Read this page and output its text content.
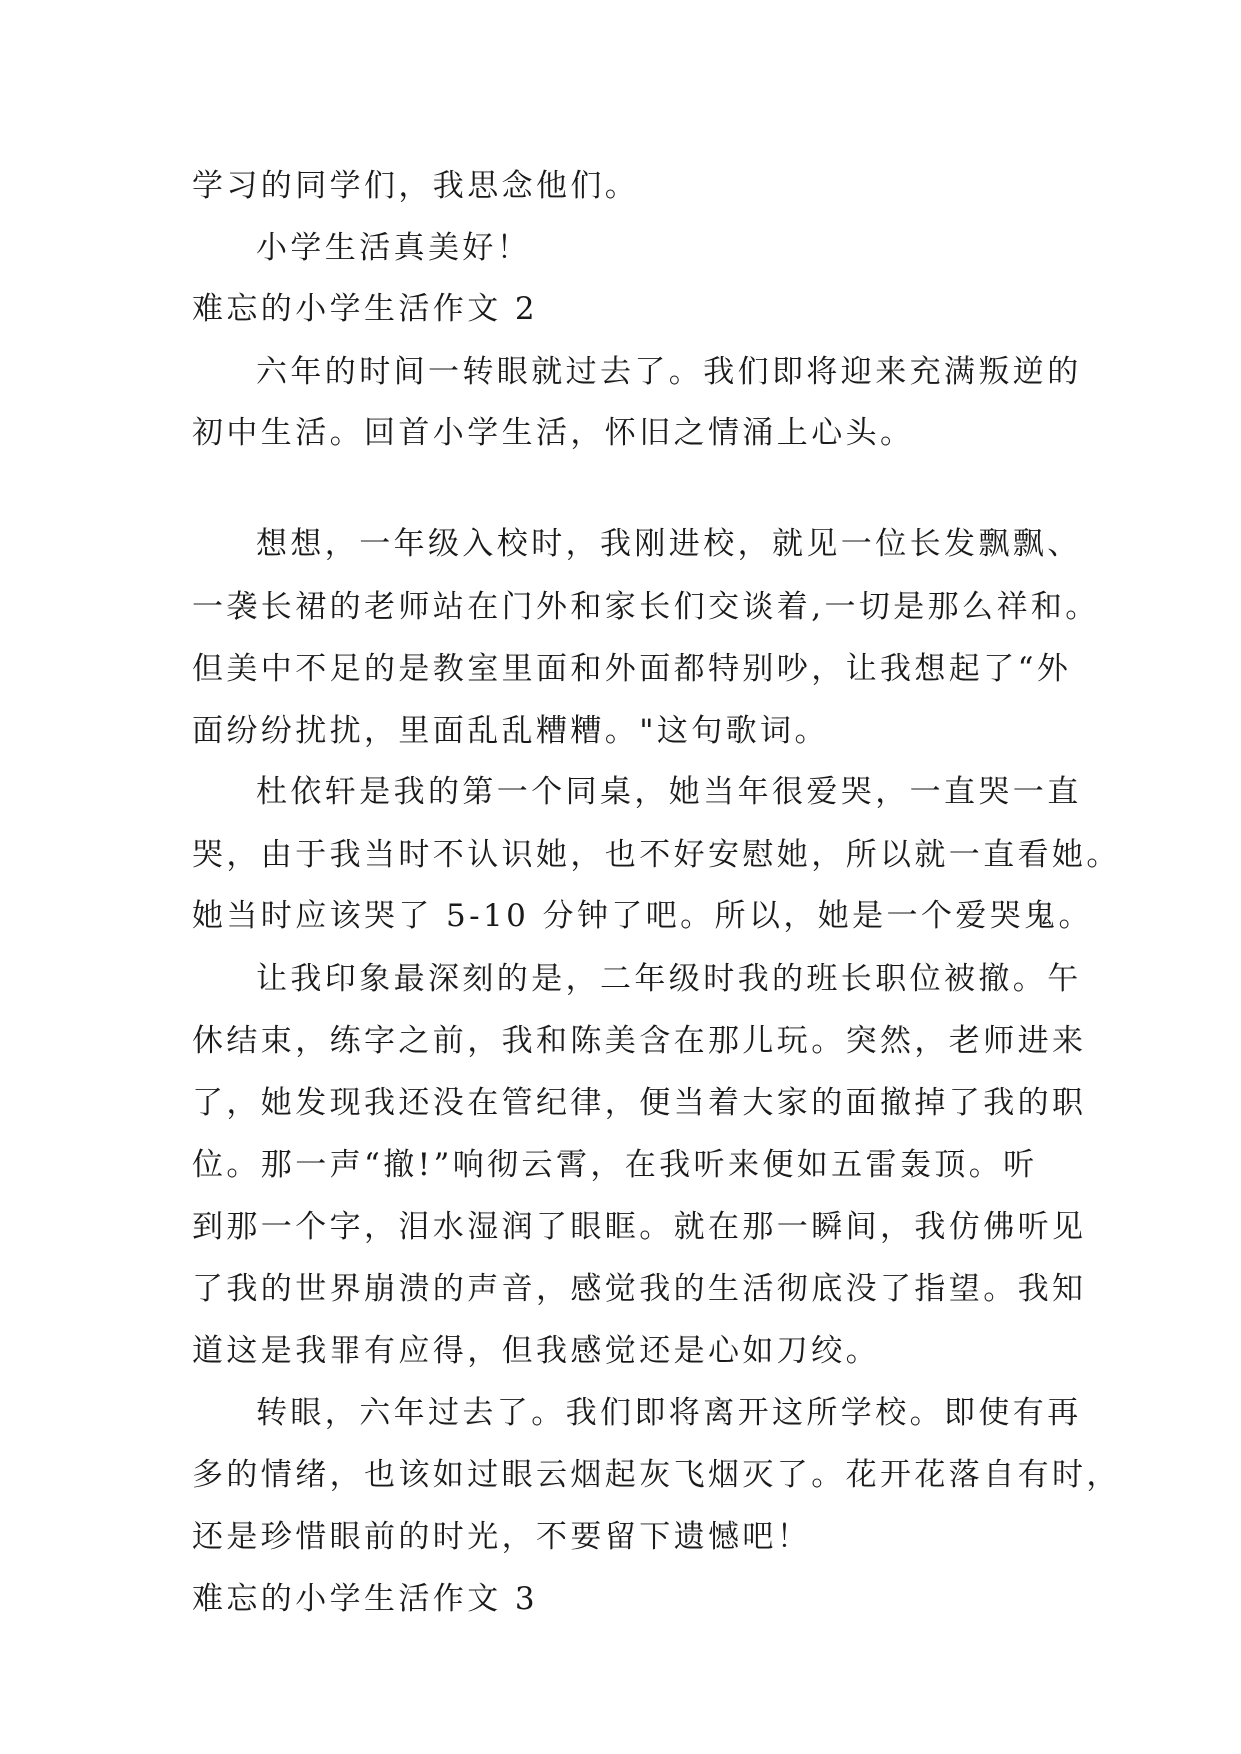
学习的同学们，我思念他们。
小学生活真美好！
难忘的小学生活作文 2
六年的时间一转眼就过去了。我们即将迎来充满叛逆的
初中生活。回首小学生活，怀旧之情涌上心头。
想想，一年级入校时，我刚进校，就见一位长发飘飘、
一袭长裙的老师站在门外和家长们交谈着,一切是那么祥和。
但美中不足的是教室里面和外面都特别吵，让我想起了“外
面纷纷扰扰，里面乱乱糟糟。"这句歌词。
杜依轩是我的第一个同桌，她当年很爱哭，一直哭一直
哭，由于我当时不认识她，也不好安慰她，所以就一直看她。
她当时应该哭了 5-10 分钟了吧。所以，她是一个爱哭鬼。
让我印象最深刻的是，二年级时我的班长职位被撤。午
休结束，练字之前，我和陈美含在那儿玩。突然，老师进来
了，她发现我还没在管纪律，便当着大家的面撤掉了我的职
位。那一声“撤!”响彻云霄，在我听来便如五雷轰顶。听
到那一个字，泪水湿润了眼眶。就在那一瞬间，我仿佛听见
了我的世界崩溃的声音，感觉我的生活彻底没了指望。我知
道这是我罪有应得，但我感觉还是心如刀绞。
转眼，六年过去了。我们即将离开这所学校。即使有再
多的情绪，也该如过眼云烟起灰飞烟灭了。花开花落自有时，
还是珍惜眼前的时光，不要留下遗憾吧！
难忘的小学生活作文 3
